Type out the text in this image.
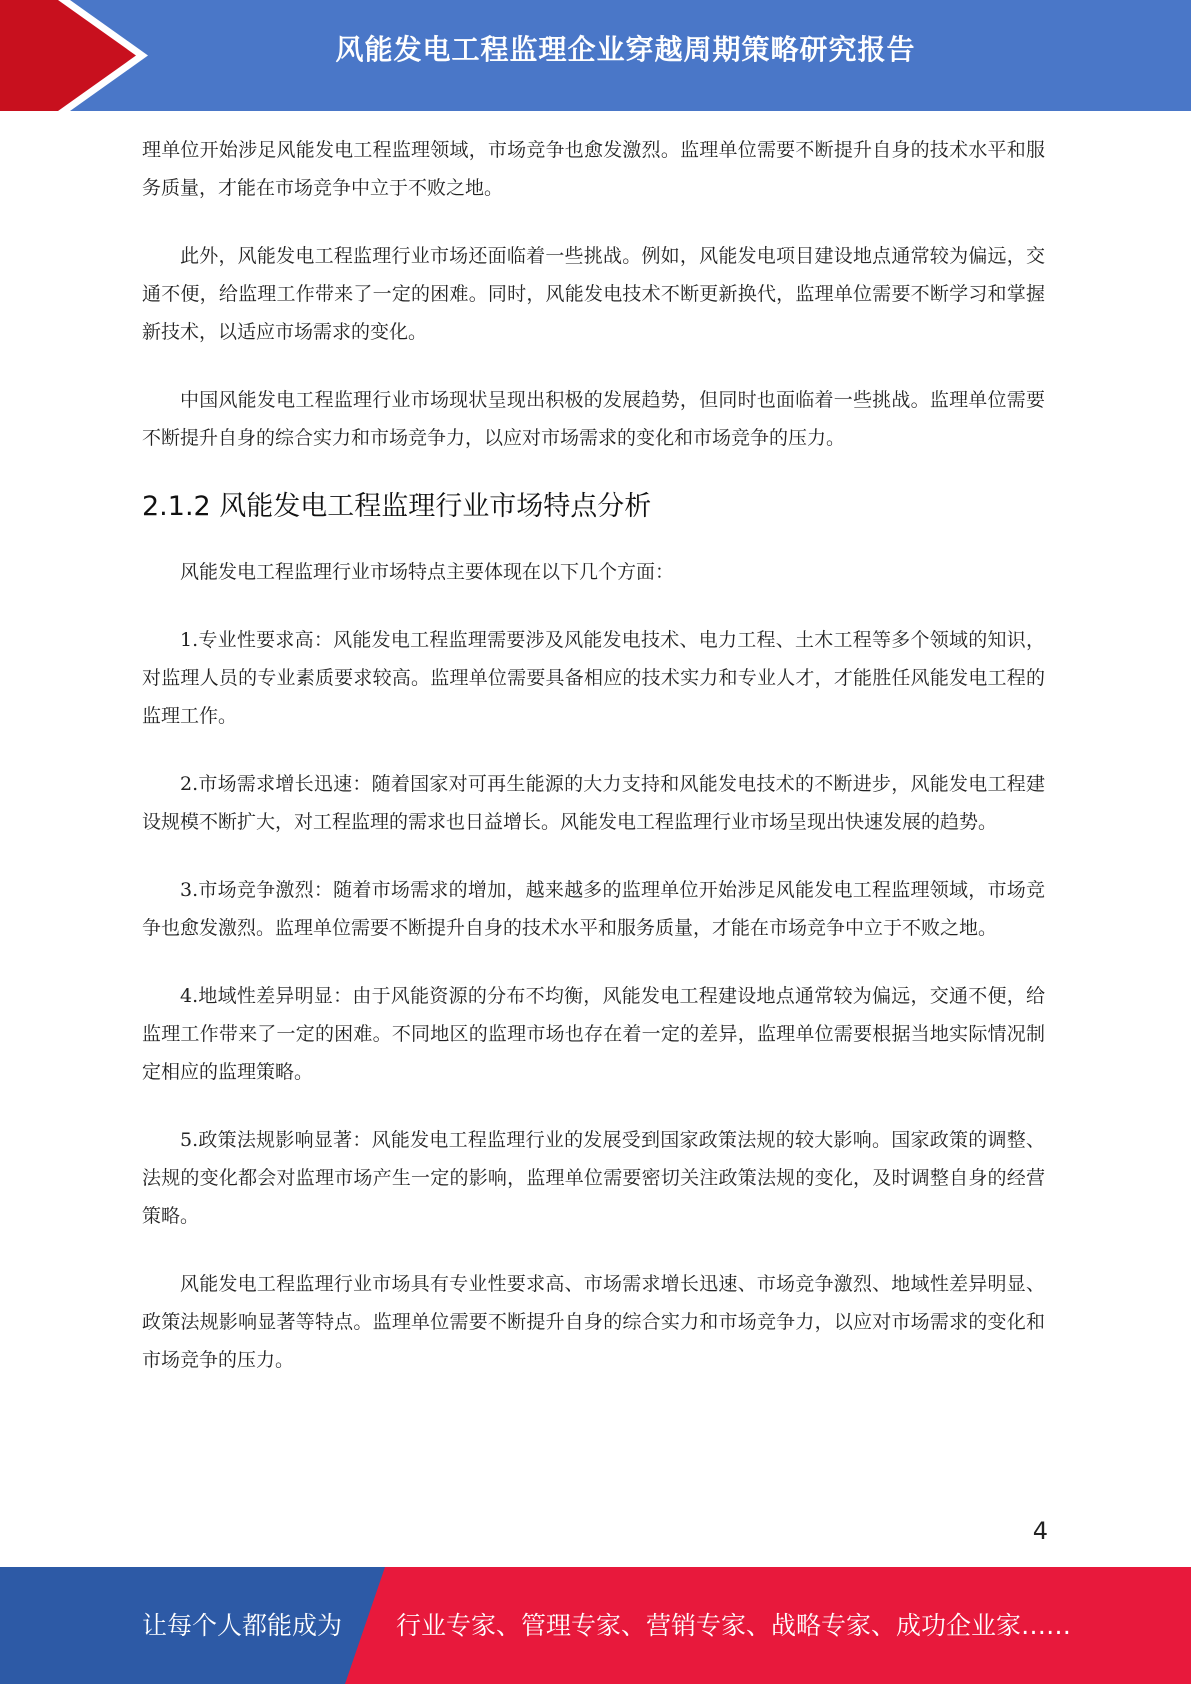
风能发电工程监理企业穿越周期策略研究报告

理单位开始涉足风能发电工程监理领域，市场竞争也愈发激烈。监理单位需要不断提升自身的技术水平和服务质量，才能在市场竞争中立于不败之地。

此外，风能发电工程监理行业市场还面临着一些挑战。例如，风能发电项目建设地点通常较为偏远，交通不便，给监理工作带来了一定的困难。同时，风能发电技术不断更新换代，监理单位需要不断学习和掌握新技术，以适应市场需求的变化。

中国风能发电工程监理行业市场现状呈现出积极的发展趋势，但同时也面临着一些挑战。监理单位需要不断提升自身的综合实力和市场竞争力，以应对市场需求的变化和市场竞争的压力。

2.1.2 风能发电工程监理行业市场特点分析

风能发电工程监理行业市场特点主要体现在以下几个方面：

1.专业性要求高：风能发电工程监理需要涉及风能发电技术、电力工程、土木工程等多个领域的知识，对监理人员的专业素质要求较高。监理单位需要具备相应的技术实力和专业人才，才能胜任风能发电工程的监理工作。

2.市场需求增长迅速：随着国家对可再生能源的大力支持和风能发电技术的不断进步，风能发电工程建设规模不断扩大，对工程监理的需求也日益增长。风能发电工程监理行业市场呈现出快速发展的趋势。

3.市场竞争激烈：随着市场需求的增加，越来越多的监理单位开始涉足风能发电工程监理领域，市场竞争也愈发激烈。监理单位需要不断提升自身的技术水平和服务质量，才能在市场竞争中立于不败之地。

4.地域性差异明显：由于风能资源的分布不均衡，风能发电工程建设地点通常较为偏远，交通不便，给监理工作带来了一定的困难。不同地区的监理市场也存在着一定的差异，监理单位需要根据当地实际情况制定相应的监理策略。

5.政策法规影响显著：风能发电工程监理行业的发展受到国家政策法规的较大影响。国家政策的调整、法规的变化都会对监理市场产生一定的影响，监理单位需要密切关注政策法规的变化，及时调整自身的经营策略。

风能发电工程监理行业市场具有专业性要求高、市场需求增长迅速、市场竞争激烈、地域性差异明显、政策法规影响显著等特点。监理单位需要不断提升自身的综合实力和市场竞争力，以应对市场需求的变化和市场竞争的压力。

4
让每个人都能成为 行业专家、管理专家、营销专家、战略专家、成功企业家……
